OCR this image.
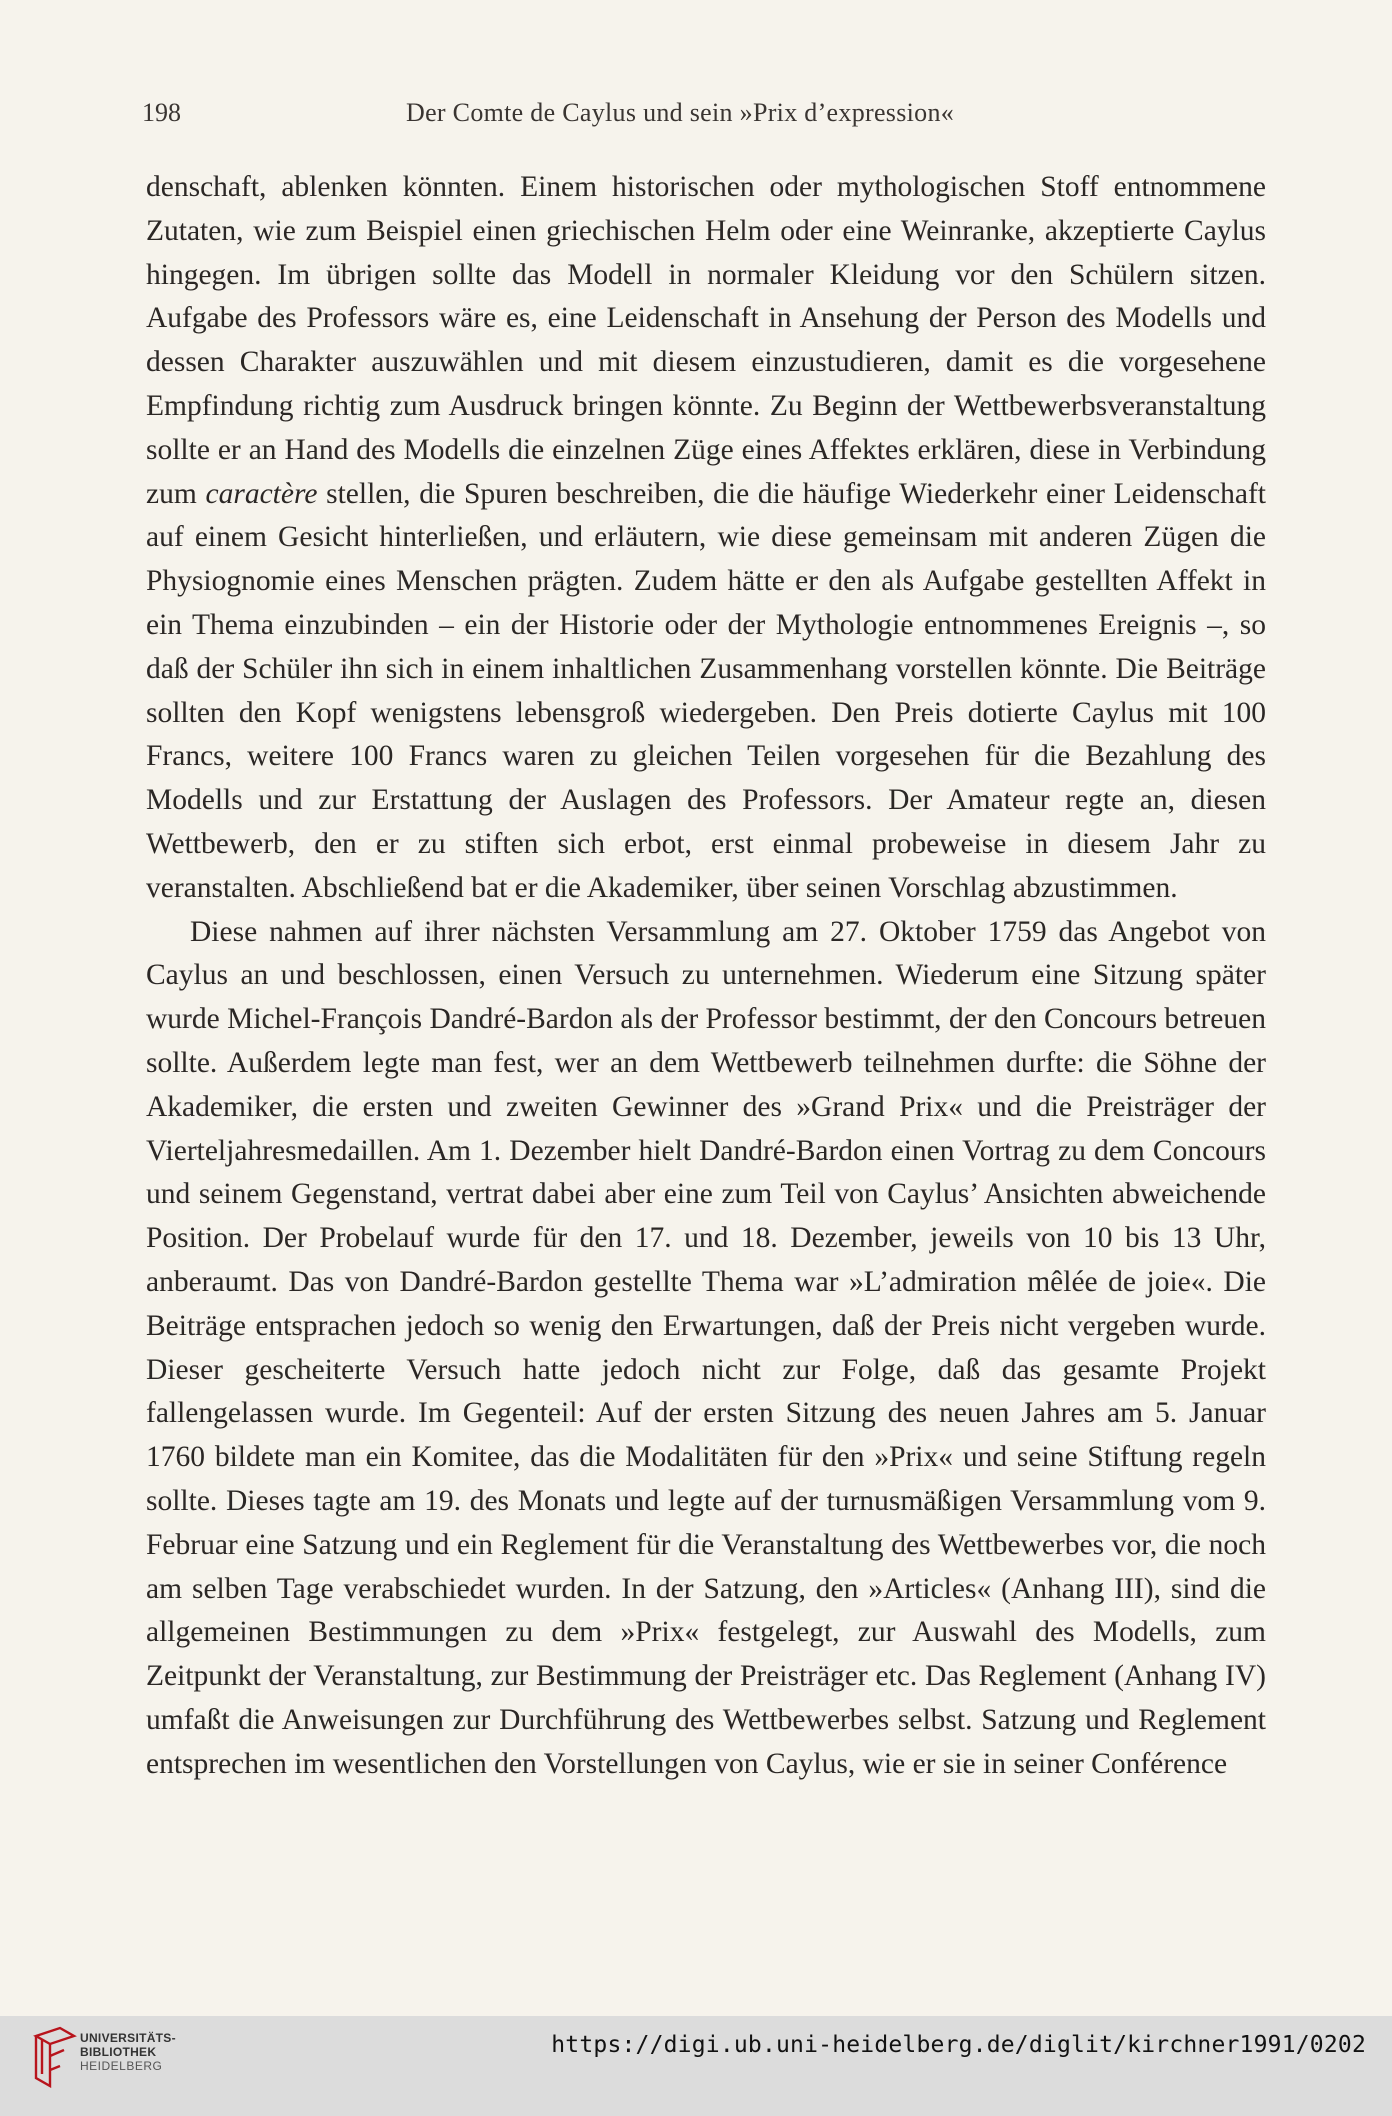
198	Der Comte de Caylus und sein »Prix d’expression«

denschaft, ablenken könnten. Einem historischen oder mythologischen Stoff entnommene Zutaten, wie zum Beispiel einen griechischen Helm oder eine Weinranke, akzeptierte Caylus hingegen. Im übrigen sollte das Modell in normaler Kleidung vor den Schülern sitzen. Aufgabe des Professors wäre es, eine Leidenschaft in Ansehung der Person des Modells und dessen Charakter auszuwählen und mit diesem einzustudieren, damit es die vorgesehene Empfindung richtig zum Ausdruck bringen könnte. Zu Beginn der Wettbewerbsveranstaltung sollte er an Hand des Modells die einzelnen Züge eines Affektes erklären, diese in Verbindung zum caractère stellen, die Spuren beschreiben, die die häufige Wiederkehr einer Leidenschaft auf einem Gesicht hinterließen, und erläutern, wie diese gemeinsam mit anderen Zügen die Physiognomie eines Menschen prägten. Zudem hätte er den als Aufgabe gestellten Affekt in ein Thema einzubinden – ein der Historie oder der Mythologie entnommenes Ereignis –, so daß der Schüler ihn sich in einem inhaltlichen Zusammenhang vorstellen könnte. Die Beiträge sollten den Kopf wenigstens lebensgroß wiedergeben. Den Preis dotierte Caylus mit 100 Francs, weitere 100 Francs waren zu gleichen Teilen vorgesehen für die Bezahlung des Modells und zur Erstattung der Auslagen des Professors. Der Amateur regte an, diesen Wettbewerb, den er zu stiften sich erbot, erst einmal probeweise in diesem Jahr zu veranstalten. Abschließend bat er die Akademiker, über seinen Vorschlag abzustimmen.

Diese nahmen auf ihrer nächsten Versammlung am 27. Oktober 1759 das Angebot von Caylus an und beschlossen, einen Versuch zu unternehmen. Wiederum eine Sitzung später wurde Michel-François Dandré-Bardon als der Professor bestimmt, der den Concours betreuen sollte. Außerdem legte man fest, wer an dem Wettbewerb teilnehmen durfte: die Söhne der Akademiker, die ersten und zweiten Gewinner des »Grand Prix« und die Preisträger der Vierteljahresmedaillen. Am 1. Dezember hielt Dandré-Bardon einen Vortrag zu dem Concours und seinem Gegenstand, vertrat dabei aber eine zum Teil von Caylus’ Ansichten abweichende Position. Der Probelauf wurde für den 17. und 18. Dezember, jeweils von 10 bis 13 Uhr, anberaumt. Das von Dandré-Bardon gestellte Thema war »L’admiration mêlée de joie«. Die Beiträge entsprachen jedoch so wenig den Erwartungen, daß der Preis nicht vergeben wurde. Dieser gescheiterte Versuch hatte jedoch nicht zur Folge, daß das gesamte Projekt fallengelassen wurde. Im Gegenteil: Auf der ersten Sitzung des neuen Jahres am 5. Januar 1760 bildete man ein Komitee, das die Modalitäten für den »Prix« und seine Stiftung regeln sollte. Dieses tagte am 19. des Monats und legte auf der turnusmäßigen Versammlung vom 9. Februar eine Satzung und ein Reglement für die Veranstaltung des Wettbewerbes vor, die noch am selben Tage verabschiedet wurden. In der Satzung, den »Articles« (Anhang III), sind die allgemeinen Bestimmungen zu dem »Prix« festgelegt, zur Auswahl des Modells, zum Zeitpunkt der Veranstaltung, zur Bestimmung der Preisträger etc. Das Reglement (Anhang IV) umfaßt die Anweisungen zur Durchführung des Wettbewerbes selbst. Satzung und Reglement entsprechen im wesentlichen den Vorstellungen von Caylus, wie er sie in seiner Conférence

UNIVERSITÄTS-
BIBLIOTHEK
HEIDELBERG
https://digi.ub.uni-heidelberg.de/diglit/kirchner1991/0202
